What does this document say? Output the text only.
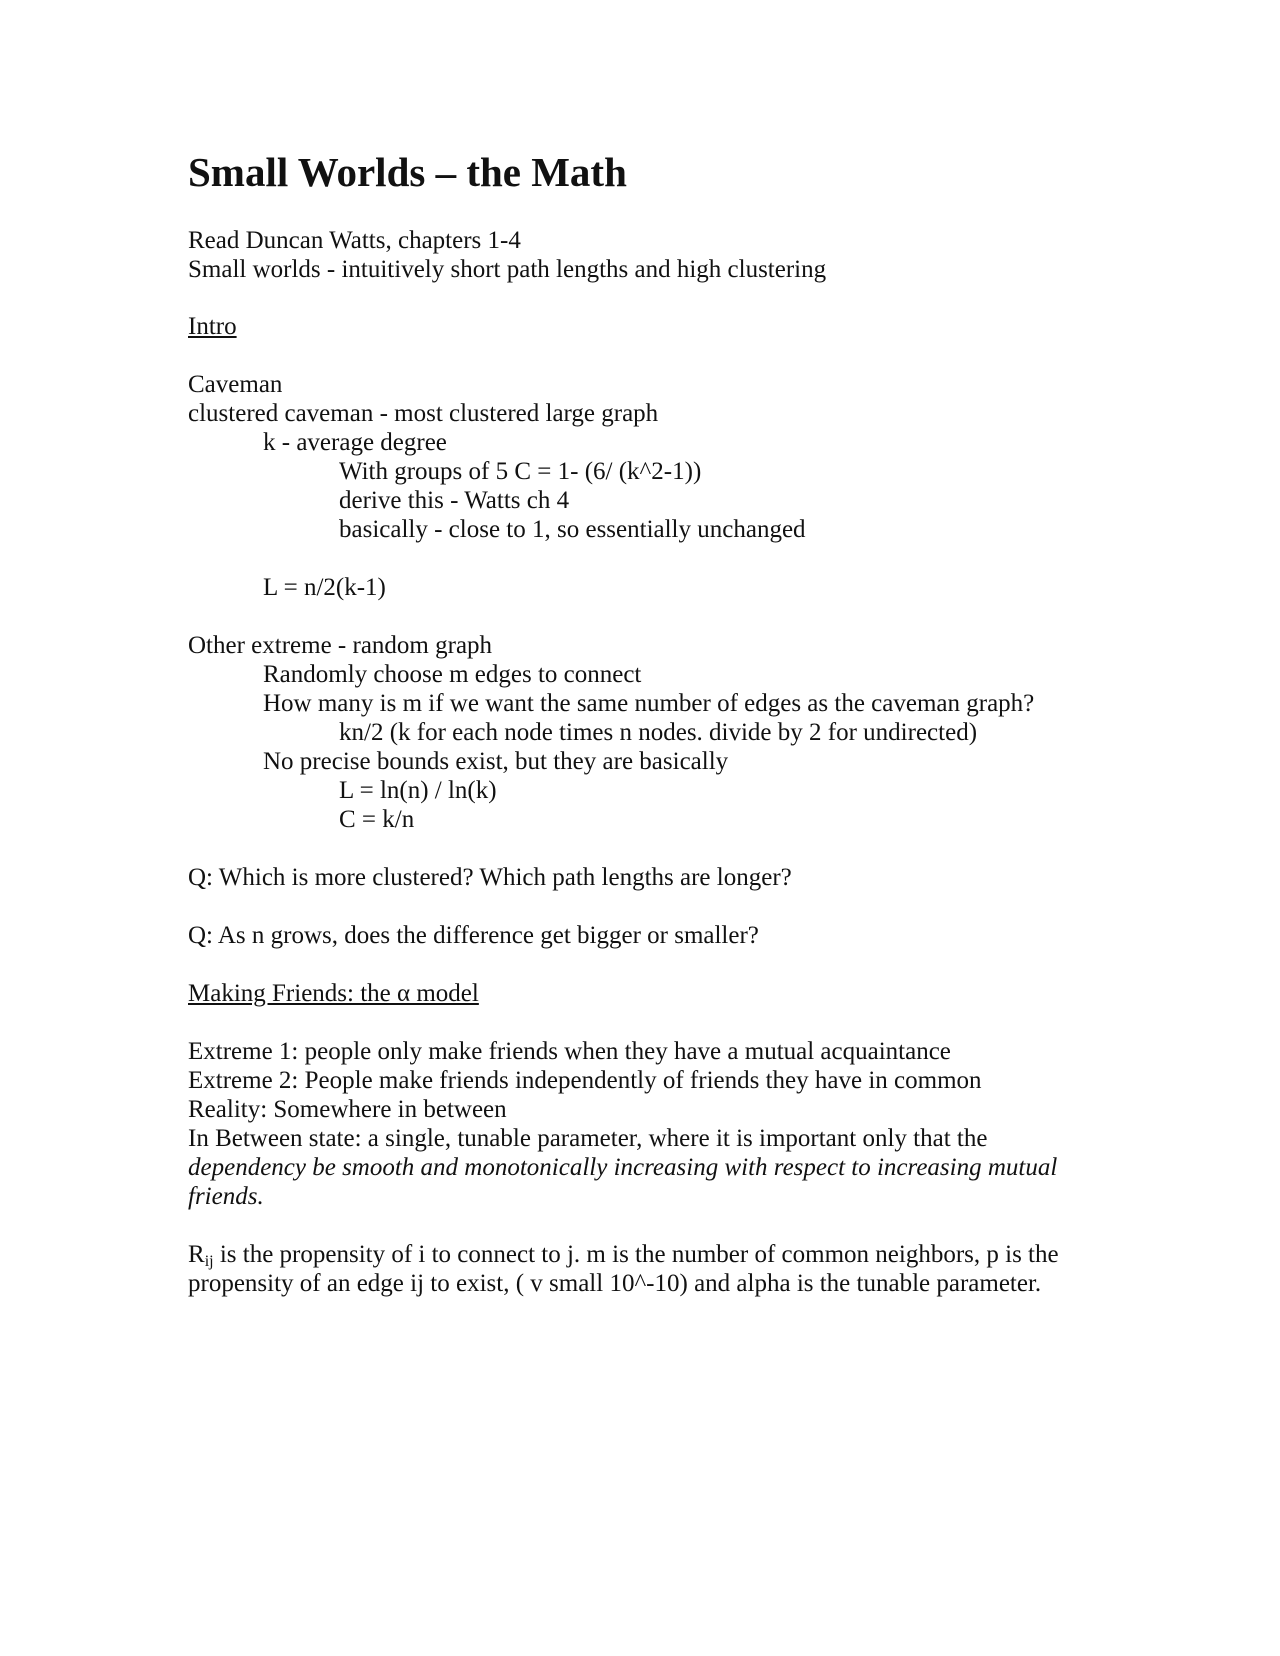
Small Worlds – the Math
Read Duncan Watts, chapters 1-4
Small worlds - intuitively short path lengths and high clustering
Intro
Caveman
clustered caveman - most clustered large graph
k - average degree
With groups of 5 C = 1- (6/ (k^2-1))
derive this - Watts ch 4
basically - close to 1, so essentially unchanged
L = n/2(k-1)
Other extreme - random graph
Randomly choose m edges to connect
How many is m if we want the same number of edges as the caveman graph?
kn/2 (k for each node times n nodes. divide by 2 for undirected)
No precise bounds exist, but they are basically
L = ln(n) / ln(k)
C = k/n
Q: Which is more clustered? Which path lengths are longer?
Q: As n grows, does the difference get bigger or smaller?
Making Friends: the α model
Extreme 1: people only make friends when they have a mutual acquaintance
Extreme 2: People make friends independently of friends they have in common
Reality: Somewhere in between
In Between state: a single, tunable parameter, where it is important only that the
dependency be smooth and monotonically increasing with respect to increasing mutual
friends.
$R_{ij}$ is the propensity of i to connect to j. m is the number of common neighbors, p is the
propensity of an edge ij to exist, ( v small 10^-10) and alpha is the tunable parameter.
